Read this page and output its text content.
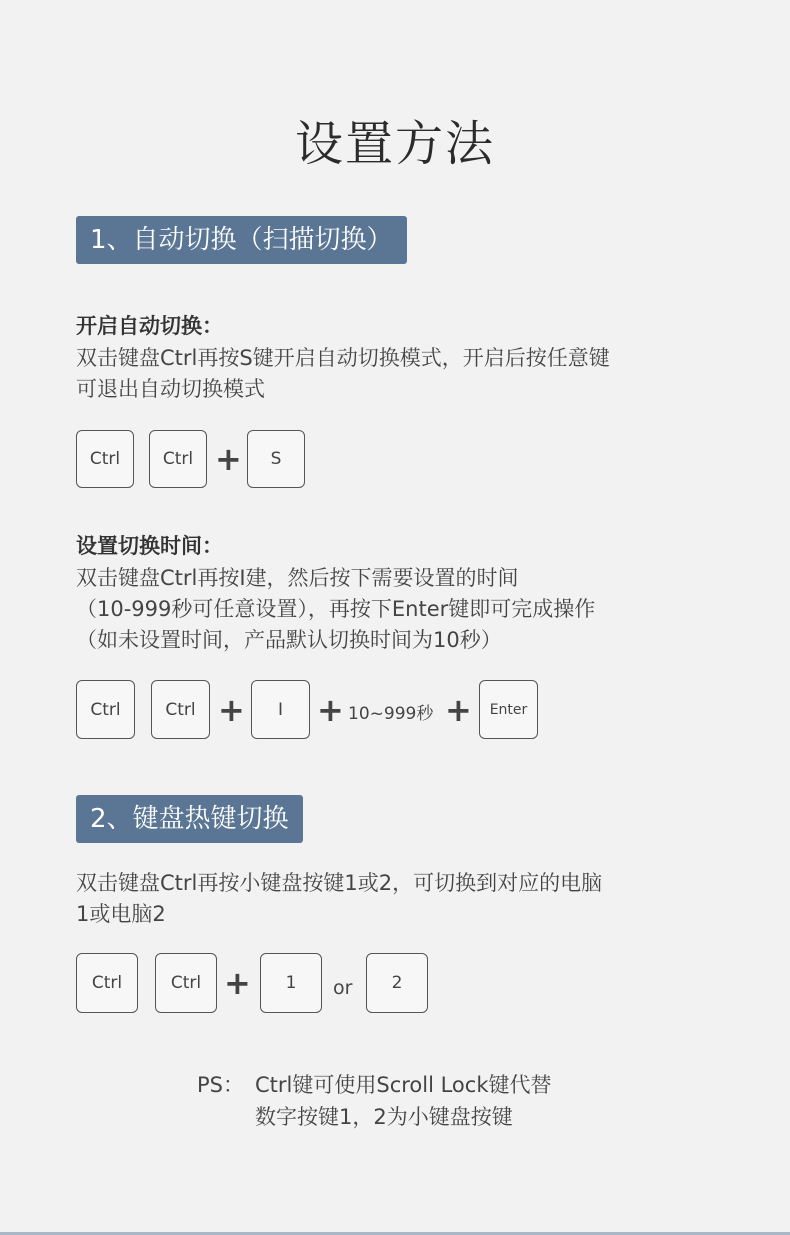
设置方法
1、自动切换（扫描切换）
开启自动切换：
双击键盘Ctrl再按S键开启自动切换模式，开启后按任意键
可退出自动切换模式
Ctrl	Ctrl +	S
设置切换时间：
双击键盘Ctrl再按Ⅰ建，然后按下需要设置的时间
（10-999秒可任意设置），再按下Enter键即可完成操作
（如未设置时间，产品默认切换时间为10秒）
Ctrl	Ctrl +	Ⅰ	+ 10~999秒 +	Enter
2、键盘热键切换
双击键盘Ctrl再按小键盘按键1或2，可切换到对应的电脑
1或电脑2
Ctrl	Ctrl +	1	or	2
PS： Ctrl键可使用Scroll Lock键代替
数字按键1，2为小键盘按键
